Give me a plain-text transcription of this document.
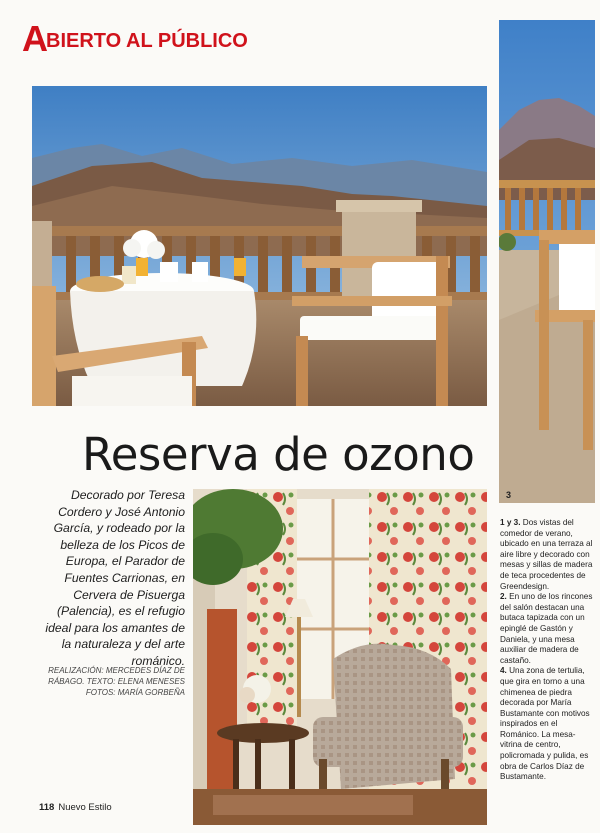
A
BIERTO AL PÚBLICO
3
Reserva de ozono
Decorado por Teresa Cordero y José Antonio García, y rodeado por la belleza de los Picos de Europa, el Parador de Fuentes Carrionas, en Cervera de Pisuerga (Palencia), es el refugio ideal para los amantes de la naturaleza y del arte románico.
REALIZACIÓN: MERCEDES DÍAZ DE RÁBAGO. TEXTO: ELENA MENESES
FOTOS: MARÍA GORBEÑA

1 y 3. Dos vistas del comedor de verano, ubicado en una terraza al aire libre y decorado con mesas y sillas de madera de teca procedentes de Greendesign.

2. En uno de los rincones del salón destacan una butaca tapizada con un epinglé de Gastón y Daniela, y una mesa auxiliar de madera de castaño.

4. Una zona de tertulia, que gira en torno a una chimenea de piedra decorada por María Bustamante con motivos inspirados en el Románico. La mesa-vitrina de centro, policromada y pulida, es obra de Carlos Díaz de Bustamante.

118 Nuevo Estilo
